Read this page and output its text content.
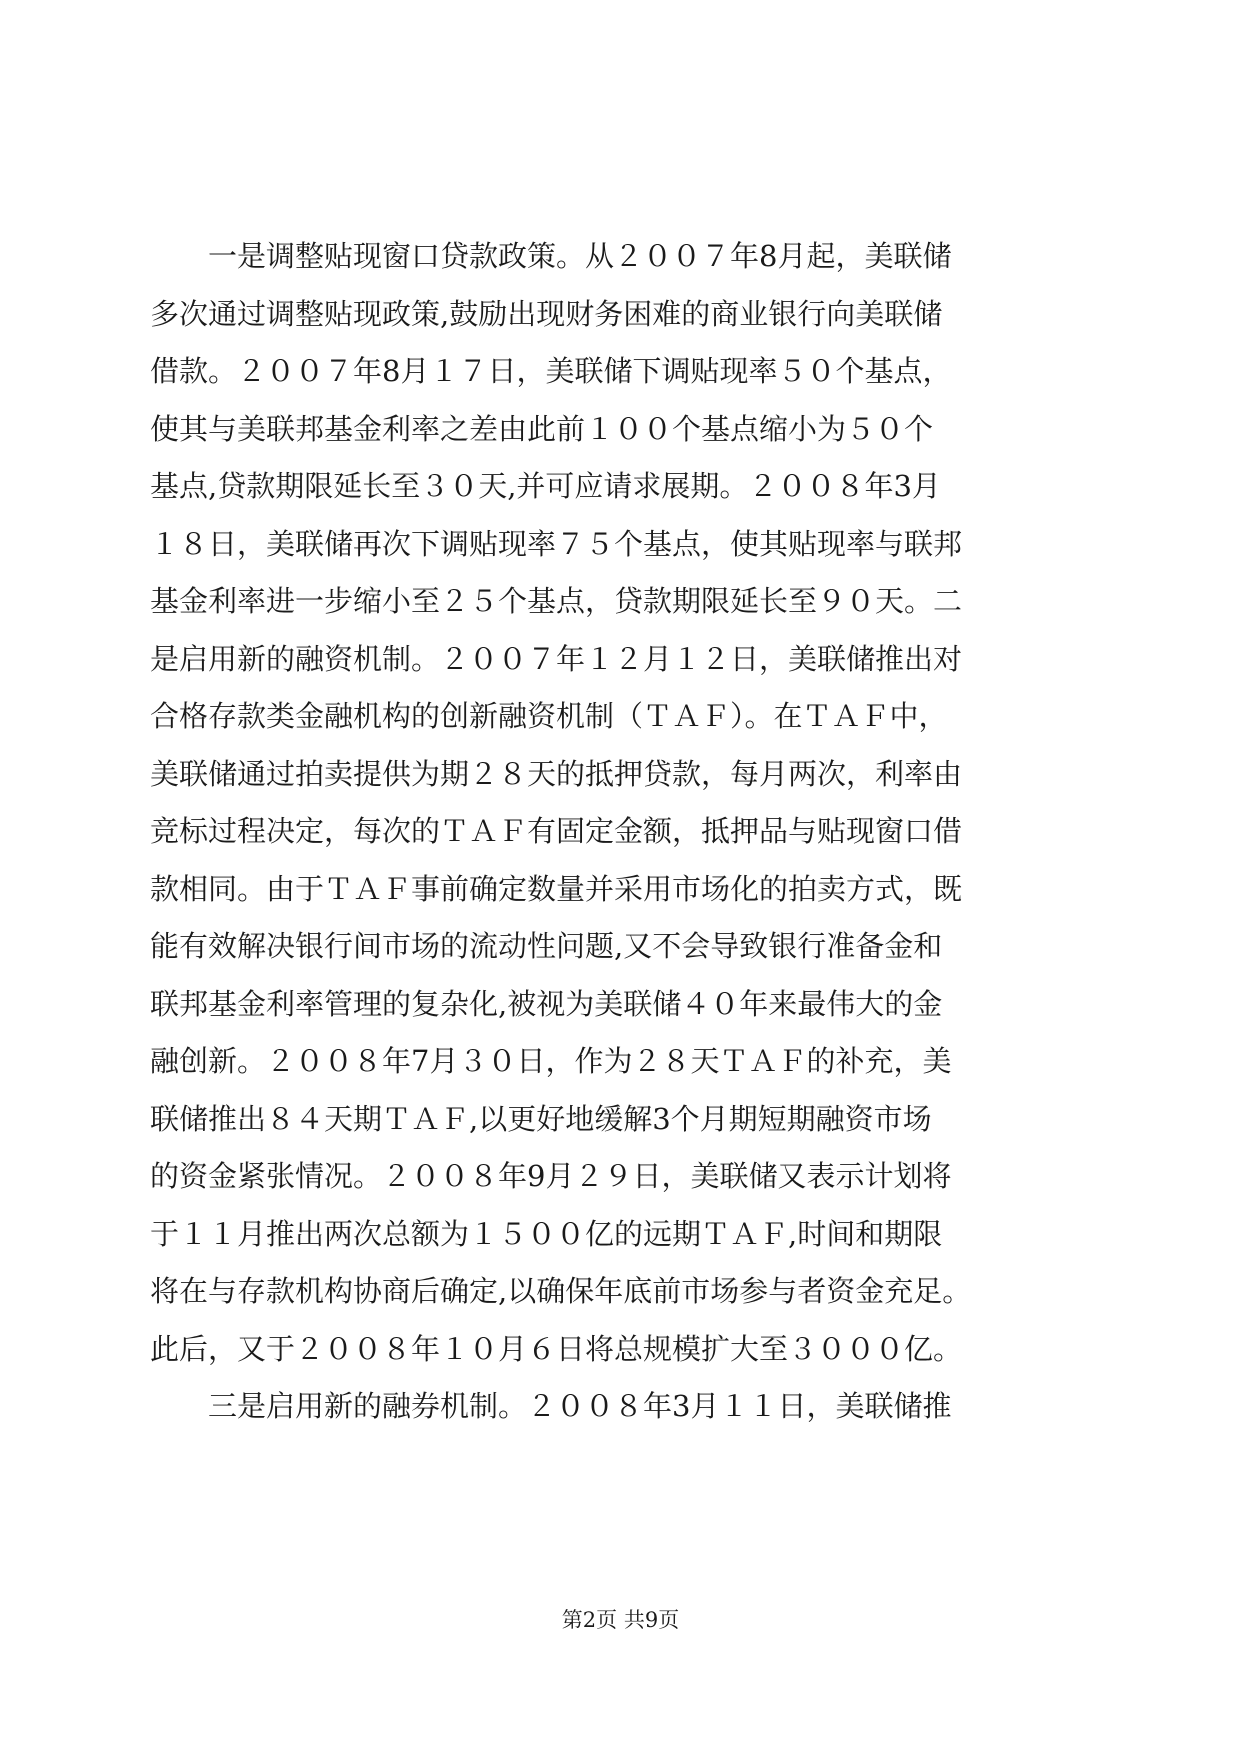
　　一是调整贴现窗口贷款政策。从２００７年8月起，美联储
多次通过调整贴现政策,鼓励出现财务困难的商业银行向美联储
借款。２００７年8月１７日，美联储下调贴现率５０个基点，
使其与美联邦基金利率之差由此前１００个基点缩小为５０个
基点,贷款期限延长至３０天,并可应请求展期。２００８年3月
１８日，美联储再次下调贴现率７５个基点，使其贴现率与联邦
基金利率进一步缩小至２５个基点，贷款期限延长至９０天。二
是启用新的融资机制。２００７年１２月１２日，美联储推出对
合格存款类金融机构的创新融资机制（ＴＡＦ）。在ＴＡＦ中，
美联储通过拍卖提供为期２８天的抵押贷款，每月两次，利率由
竞标过程决定，每次的ＴＡＦ有固定金额，抵押品与贴现窗口借
款相同。由于ＴＡＦ事前确定数量并采用市场化的拍卖方式，既
能有效解决银行间市场的流动性问题,又不会导致银行准备金和
联邦基金利率管理的复杂化,被视为美联储４０年来最伟大的金
融创新。２００８年7月３０日，作为２８天ＴＡＦ的补充，美
联储推出８４天期ＴＡＦ,以更好地缓解3个月期短期融资市场
的资金紧张情况。２００８年9月２９日，美联储又表示计划将
于１１月推出两次总额为１５００亿的远期ＴＡＦ,时间和期限
将在与存款机构协商后确定,以确保年底前市场参与者资金充足。
此后，又于２００８年１０月６日将总规模扩大至３０００亿。
　　三是启用新的融券机制。２００８年3月１１日，美联储推
第2页 共9页
